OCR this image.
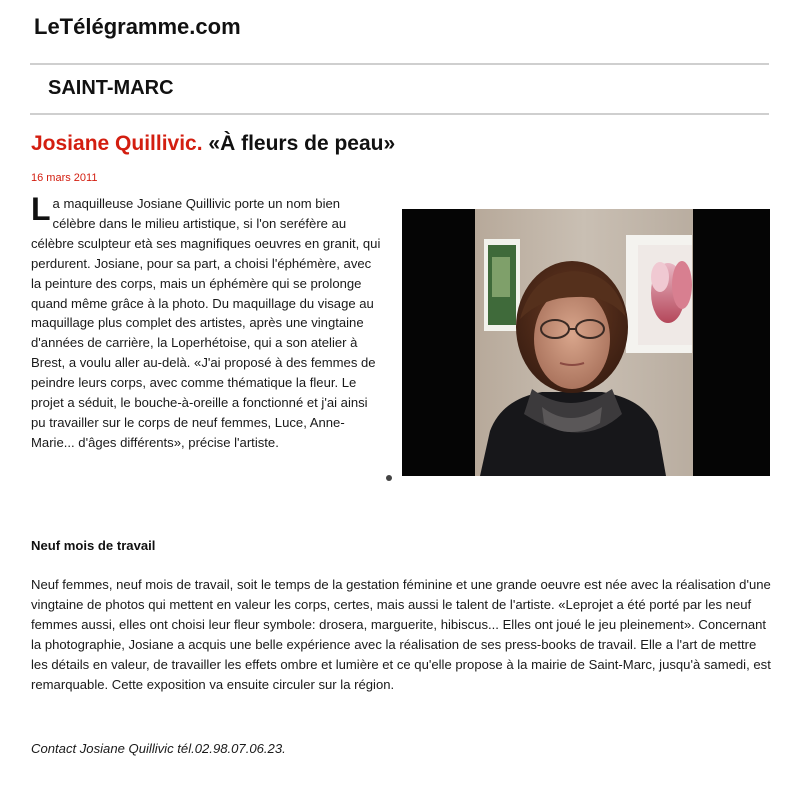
LeTélégramme.com
SAINT-MARC
Josiane Quillivic. «À fleurs de peau»
16 mars 2011
La maquilleuse Josiane Quillivic porte un nom bien célèbre dans le milieu artistique, si l'on seréfère au célèbre sculpteur età ses magnifiques oeuvres en granit, qui perdurent. Josiane, pour sa part, a choisi l'éphémère, avec la peinture des corps, mais un éphémère qui se prolonge quand même grâce à la photo. Du maquillage du visage au maquillage plus complet des artistes, après une vingtaine d'années de carrière, la Loperhétoise, qui a son atelier à Brest, a voulu aller au-delà. «J'ai proposé à des femmes de peindre leurs corps, avec comme thématique la fleur. Le projet a séduit, le bouche-à-oreille a fonctionné et j'ai ainsi pu travailler sur le corps de neuf femmes, Luce, Anne-Marie... d'âges différents», précise l'artiste.
Neuf mois de travail
Neuf femmes, neuf mois de travail, soit le temps de la gestation féminine et une grande oeuvre est née avec la réalisation d'une vingtaine de photos qui mettent en valeur les corps, certes, mais aussi le talent de l'artiste. «Leprojet a été porté par les neuf femmes aussi, elles ont choisi leur fleur symbole: drosera, marguerite, hibiscus... Elles ont joué le jeu pleinement». Concernant la photographie, Josiane a acquis une belle expérience avec la réalisation de ses press-books de travail. Elle a l'art de mettre les détails en valeur, de travailler les effets ombre et lumière et ce qu'elle propose à la mairie de Saint-Marc, jusqu'à samedi, est remarquable. Cette exposition va ensuite circuler sur la région.
Contact Josiane Quillivic tél.02.98.07.06.23.
